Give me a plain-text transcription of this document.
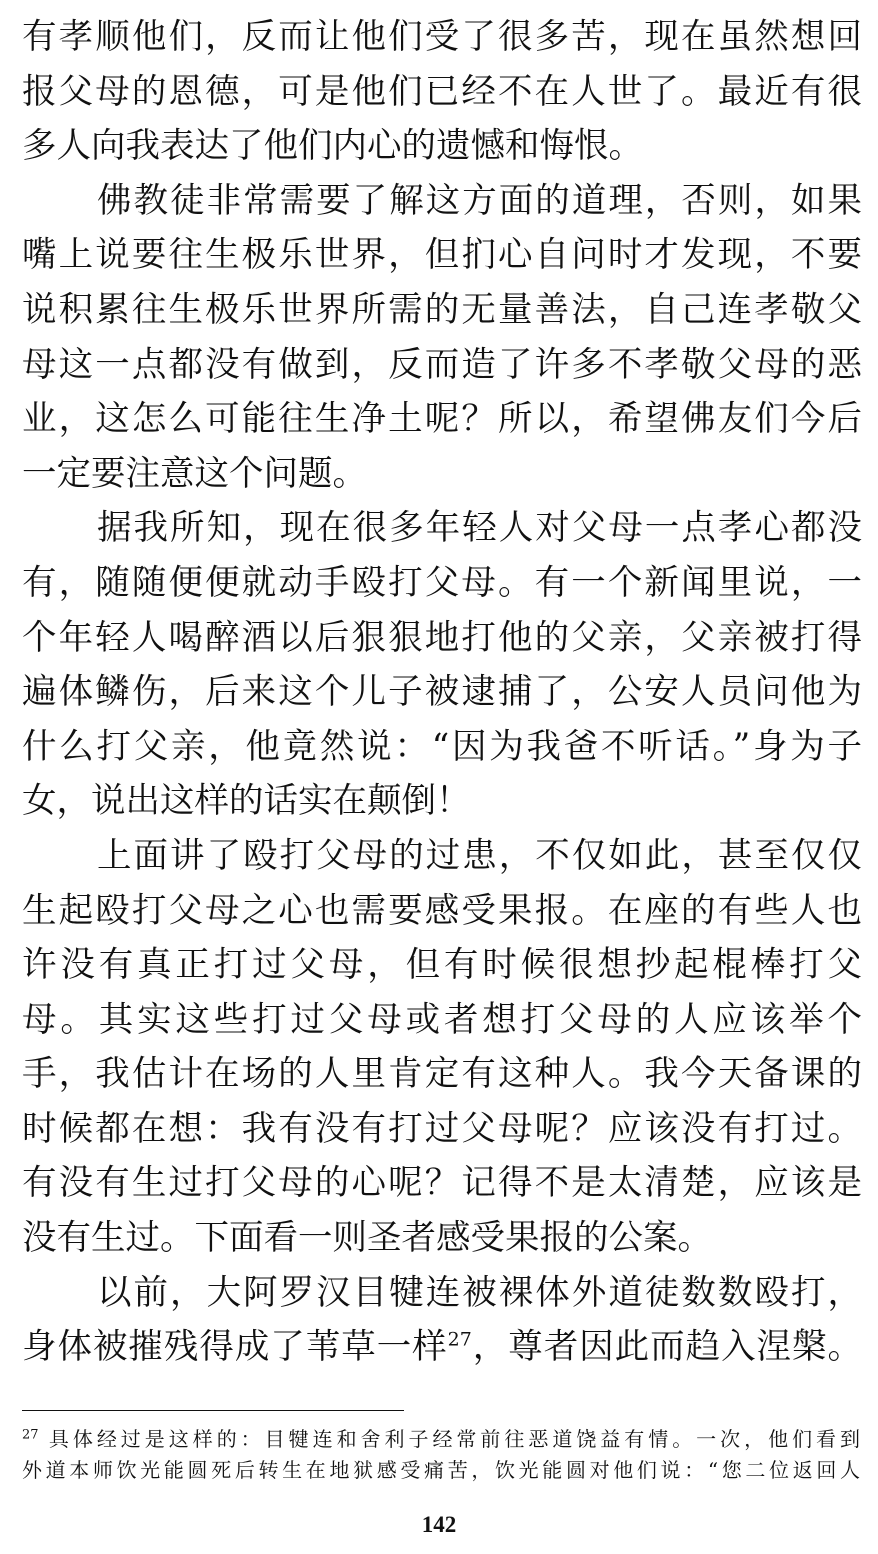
有孝顺他们，反而让他们受了很多苦，现在虽然想回
报父母的恩德，可是他们已经不在人世了。最近有很
多人向我表达了他们内心的遗憾和悔恨。
佛教徒非常需要了解这方面的道理，否则，如果
嘴上说要往生极乐世界，但扪心自问时才发现，不要
说积累往生极乐世界所需的无量善法，自己连孝敬父
母这一点都没有做到，反而造了许多不孝敬父母的恶
业，这怎么可能往生净土呢？所以，希望佛友们今后
一定要注意这个问题。
据我所知，现在很多年轻人对父母一点孝心都没
有，随随便便就动手殴打父母。有一个新闻里说，一
个年轻人喝醉酒以后狠狠地打他的父亲，父亲被打得
遍体鳞伤，后来这个儿子被逮捕了，公安人员问他为
什么打父亲，他竟然说：“因为我爸不听话。”身为子
女，说出这样的话实在颠倒！
上面讲了殴打父母的过患，不仅如此，甚至仅仅
生起殴打父母之心也需要感受果报。在座的有些人也
许没有真正打过父母，但有时候很想抄起棍棒打父
母。其实这些打过父母或者想打父母的人应该举个
手，我估计在场的人里肯定有这种人。我今天备课的
时候都在想：我有没有打过父母呢？应该没有打过。
有没有生过打父母的心呢？记得不是太清楚，应该是
没有生过。下面看一则圣者感受果报的公案。
以前，大阿罗汉目犍连被裸体外道徒数数殴打，
身体被摧残得成了苇草一样$^{27}$，尊者因此而趋入涅槃。
$^{27}$ 具体经过是这样的：目犍连和舍利子经常前往恶道饶益有情。一次，他们看到
外道本师饮光能圆死后转生在地狱感受痛苦，饮光能圆对他们说：“您二位返回人
142
